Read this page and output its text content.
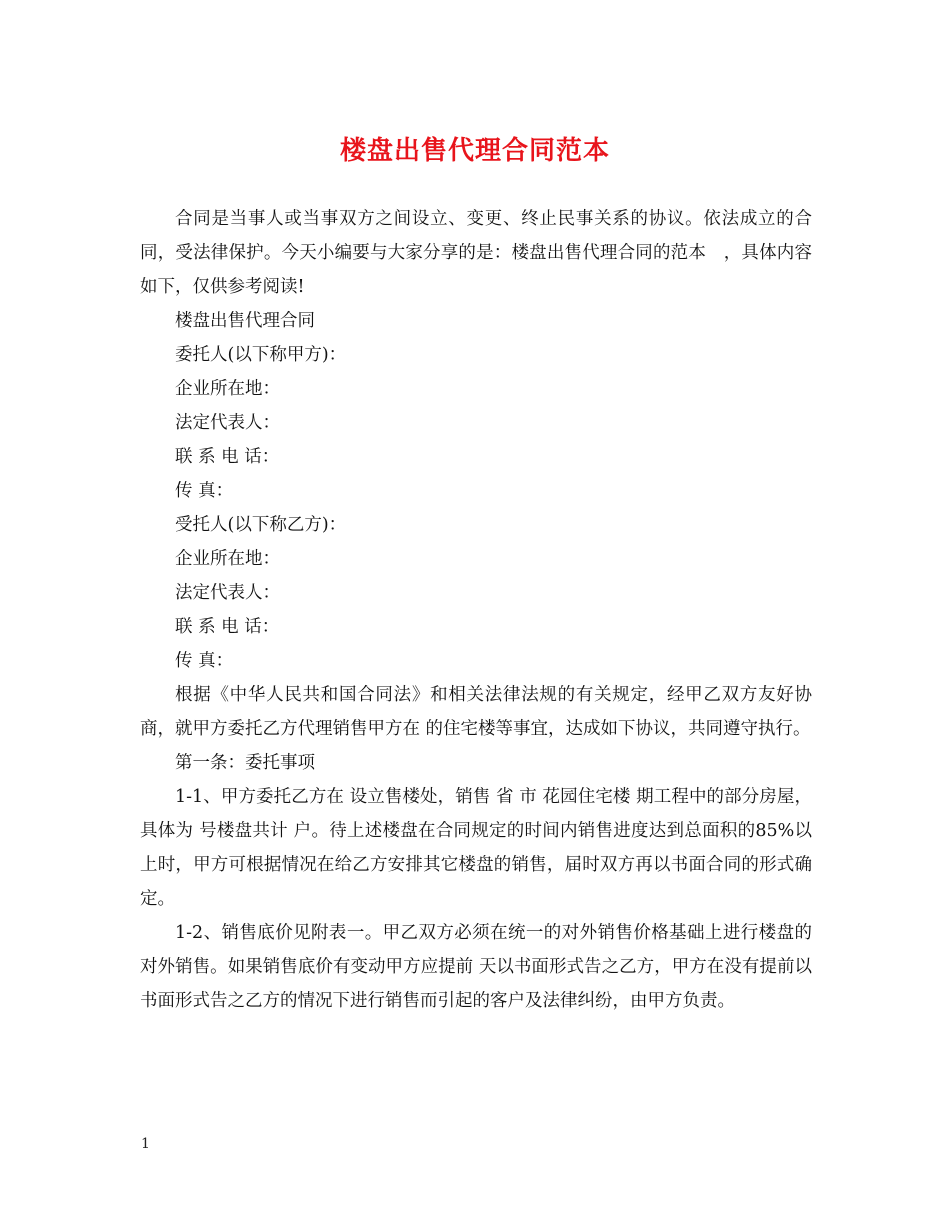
楼盘出售代理合同范本

合同是当事人或当事双方之间设立、变更、终止民事关系的协议。依法成立的合同，受法律保护。今天小编要与大家分享的是：楼盘出售代理合同的范本　，具体内容如下，仅供参考阅读!

楼盘出售代理合同

委托人(以下称甲方)：

企业所在地：

法定代表人：

联 系 电 话：

传 真：

受托人(以下称乙方)：

企业所在地：

法定代表人：

联 系 电 话：

传 真：

根据《中华人民共和国合同法》和相关法律法规的有关规定，经甲乙双方友好协商，就甲方委托乙方代理销售甲方在 的住宅楼等事宜，达成如下协议，共同遵守执行。

第一条：委托事项

1-1、甲方委托乙方在 设立售楼处，销售 省 市 花园住宅楼 期工程中的部分房屋，具体为 号楼盘共计 户。待上述楼盘在合同规定的时间内销售进度达到总面积的85%以上时，甲方可根据情况在给乙方安排其它楼盘的销售，届时双方再以书面合同的形式确定。

1-2、销售底价见附表一。甲乙双方必须在统一的对外销售价格基础上进行楼盘的对外销售。如果销售底价有变动甲方应提前 天以书面形式告之乙方，甲方在没有提前以书面形式告之乙方的情况下进行销售而引起的客户及法律纠纷，由甲方负责。

1
